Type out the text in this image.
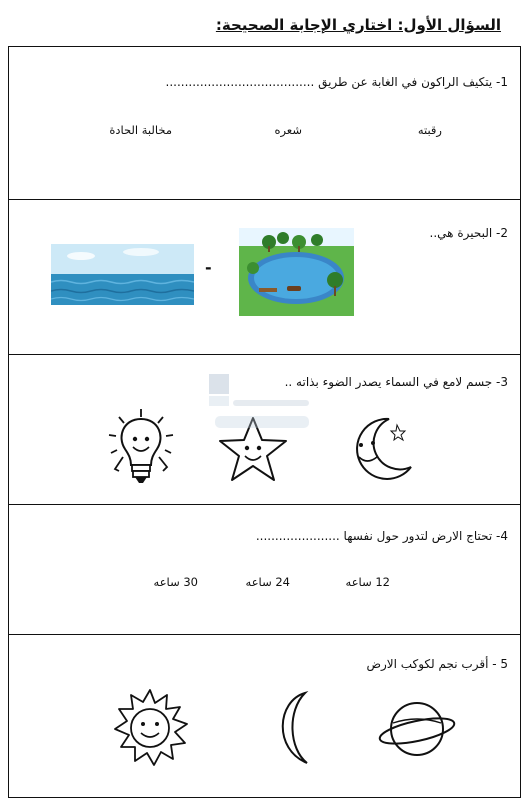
السؤال الأول: اختاري الإجابة الصحيحة:
1- يتكيف الراكون في الغابة عن طريق .......................................
رقبته
شعره
مخالبة الحادة
2- البحيرة هي..
-
3- جسم لامع في السماء يصدر الضوء بذاته ..
4- تحتاج الارض لتدور حول نفسها ......................
12 ساعه
24 ساعه
30 ساعه
5 - أقرب نجم لكوكب الارض
